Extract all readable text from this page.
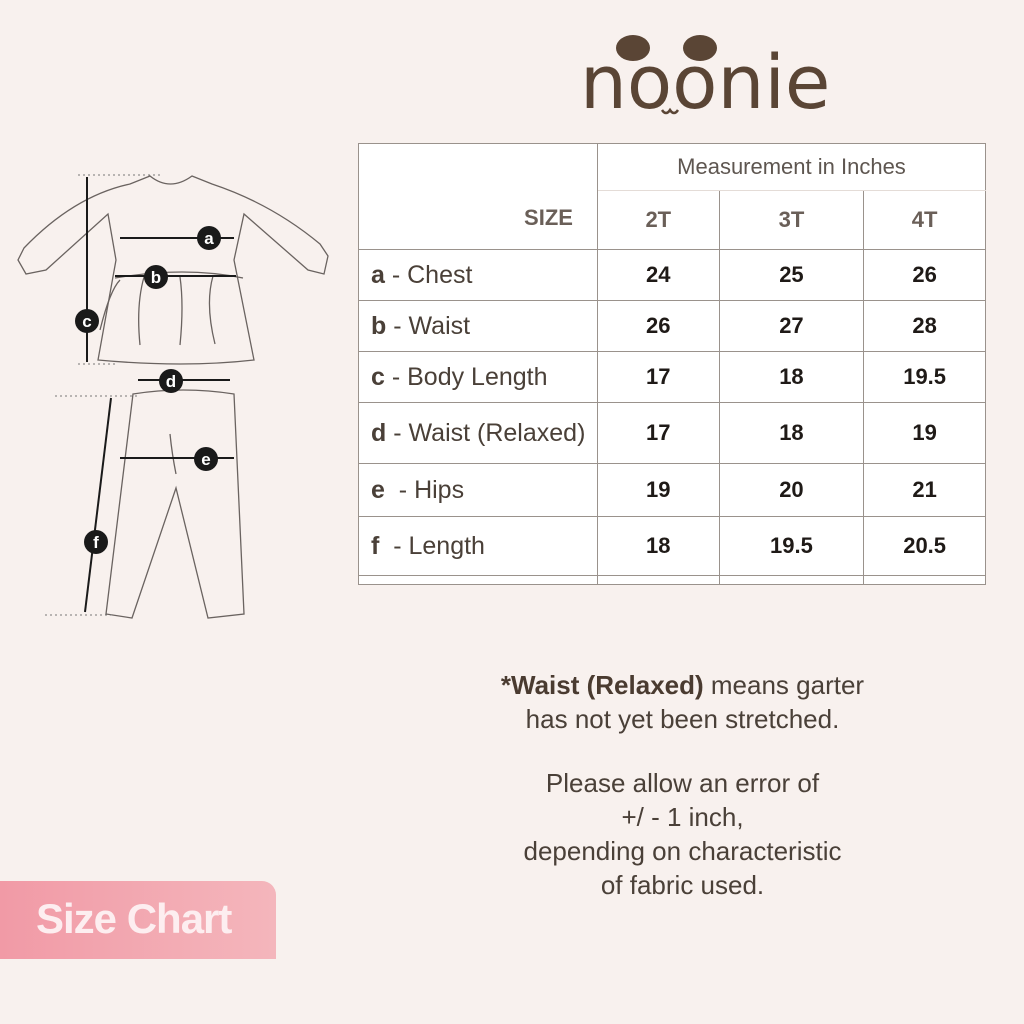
noonie
SIZE	Measurement in Inches		
	2T	3T	4T
a - Chest	24	25	26
b - Waist	26	27	28
c - Body Length	17	18	19.5
d - Waist (Relaxed)	17	18	19
e  - Hips	19	20	21
f  - Length	18	19.5	20.5

a
b
c
d
e
f
*Waist (Relaxed) means garter
has not yet been stretched.
Please allow an error of
+/ - 1 inch,
depending on characteristic
of fabric used.
Size Chart
